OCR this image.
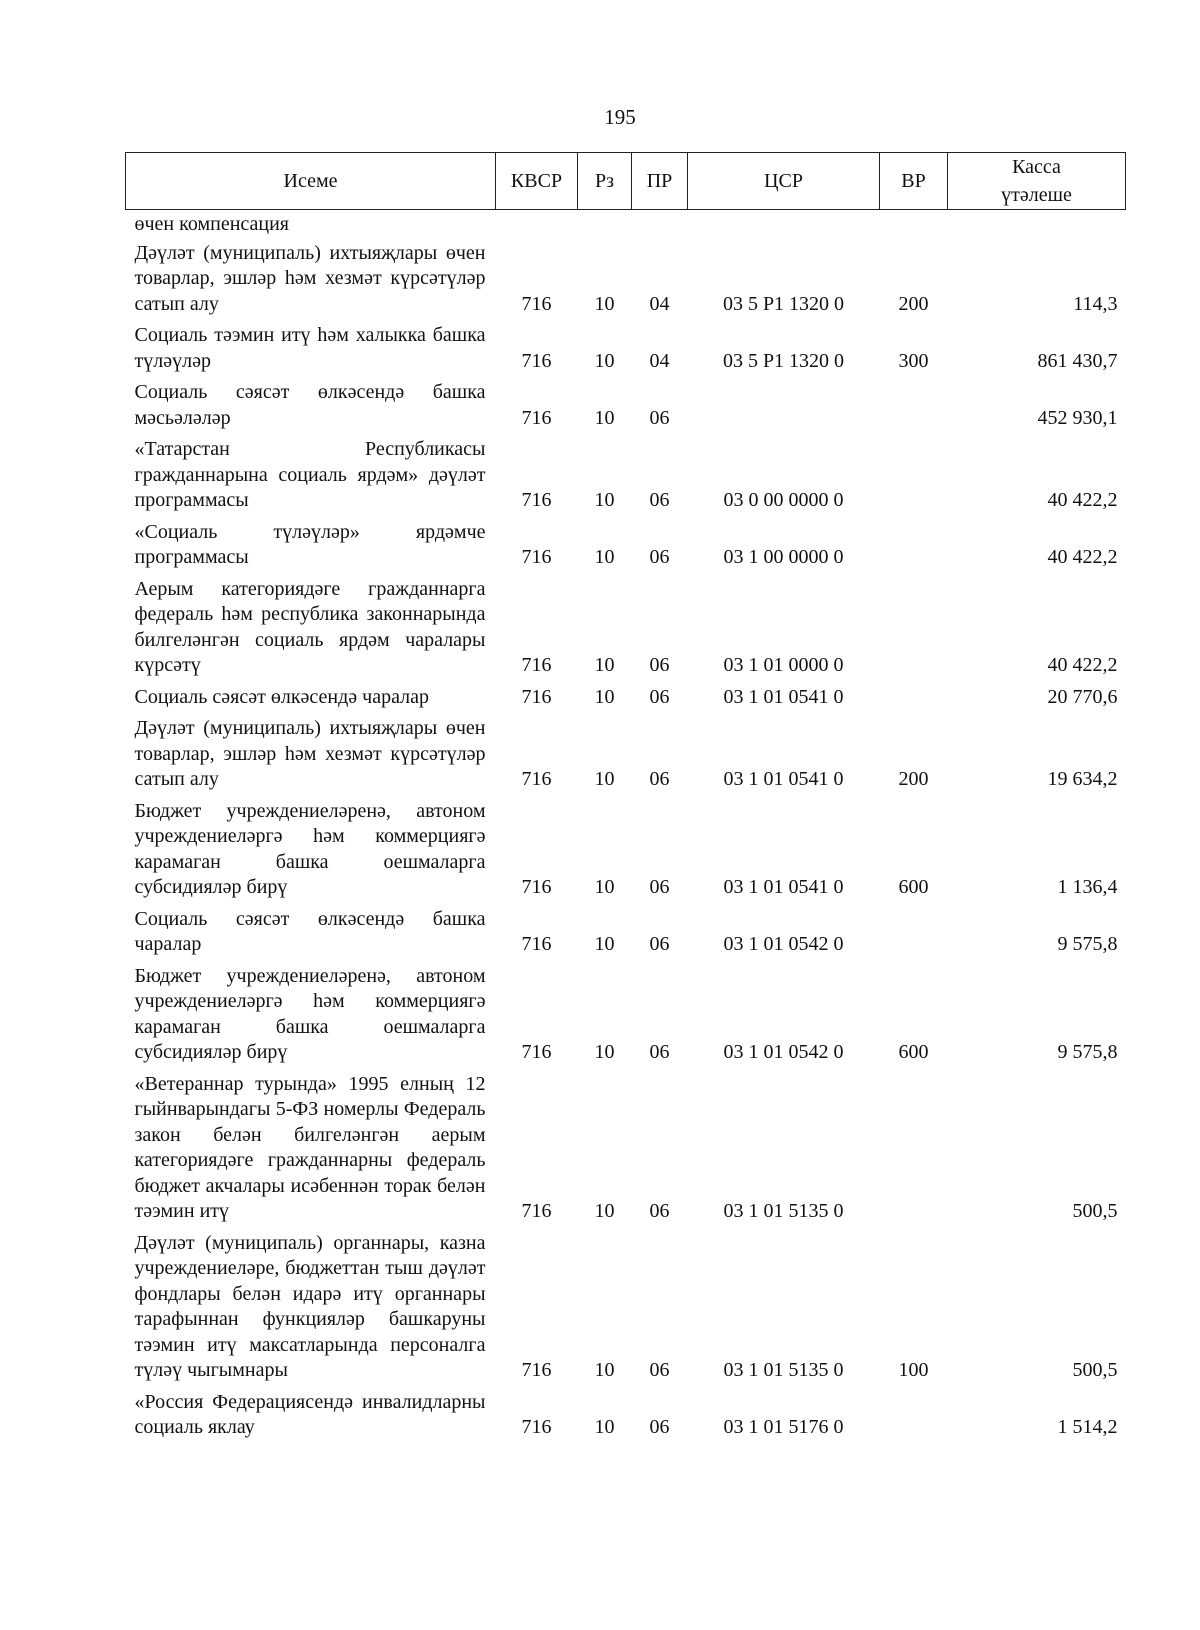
195
Исеме	КВСР	Рз	ПР	ЦСР	ВР	Касса
үтәлеше

өчен компенсация						
Дәүләт (муниципаль) ихтыяҗлары өчен товарлар, эшләр һәм хезмәт күрсәтүләр сатып алу	716	10	04	03 5 Р1 1320 0	200	114,3
Социаль тәэмин итү һәм халыкка башка түләүләр	716	10	04	03 5 Р1 1320 0	300	861 430,7
Социаль сәясәт өлкәсендә башка мәсьәләләр	716	10	06			452 930,1
«Татарстан Республикасы гражданнарына социаль ярдәм» дәүләт программасы	716	10	06	03 0 00 0000 0		40 422,2
«Социаль түләүләр» ярдәмче программасы	716	10	06	03 1 00 0000 0		40 422,2
Аерым категориядәге гражданнарга федераль һәм республика законнарында билгеләнгән социаль ярдәм чаралары күрсәтү	716	10	06	03 1 01 0000 0		40 422,2
Социаль сәясәт өлкәсендә чаралар	716	10	06	03 1 01 0541 0		20 770,6
Дәүләт (муниципаль) ихтыяҗлары өчен товарлар, эшләр һәм хезмәт күрсәтүләр сатып алу	716	10	06	03 1 01 0541 0	200	19 634,2
Бюджет учреждениеләренә, автоном учреждениеләргә һәм коммерциягә карамаган башка оешмаларга субсидияләр бирү	716	10	06	03 1 01 0541 0	600	1 136,4
Социаль сәясәт өлкәсендә башка чаралар	716	10	06	03 1 01 0542 0		9 575,8
Бюджет учреждениеләренә, автоном учреждениеләргә һәм коммерциягә карамаган башка оешмаларга субсидияләр бирү	716	10	06	03 1 01 0542 0	600	9 575,8
«Ветераннар турында» 1995 елның 12 гыйнварындагы 5-ФЗ номерлы Федераль закон белән билгеләнгән аерым категориядәге гражданнарны федераль бюджет акчалары исәбеннән торак белән тәэмин итү	716	10	06	03 1 01 5135 0		500,5
Дәүләт (муниципаль) органнары, казна учреждениеләре, бюджеттан тыш дәүләт фондлары белән идарә итү органнары тарафыннан функцияләр башкаруны тәэмин итү максатларында персоналга түләү чыгымнары	716	10	06	03 1 01 5135 0	100	500,5
«Россия Федерациясендә инвалидларны социаль яклау	716	10	06	03 1 01 5176 0		1 514,2
